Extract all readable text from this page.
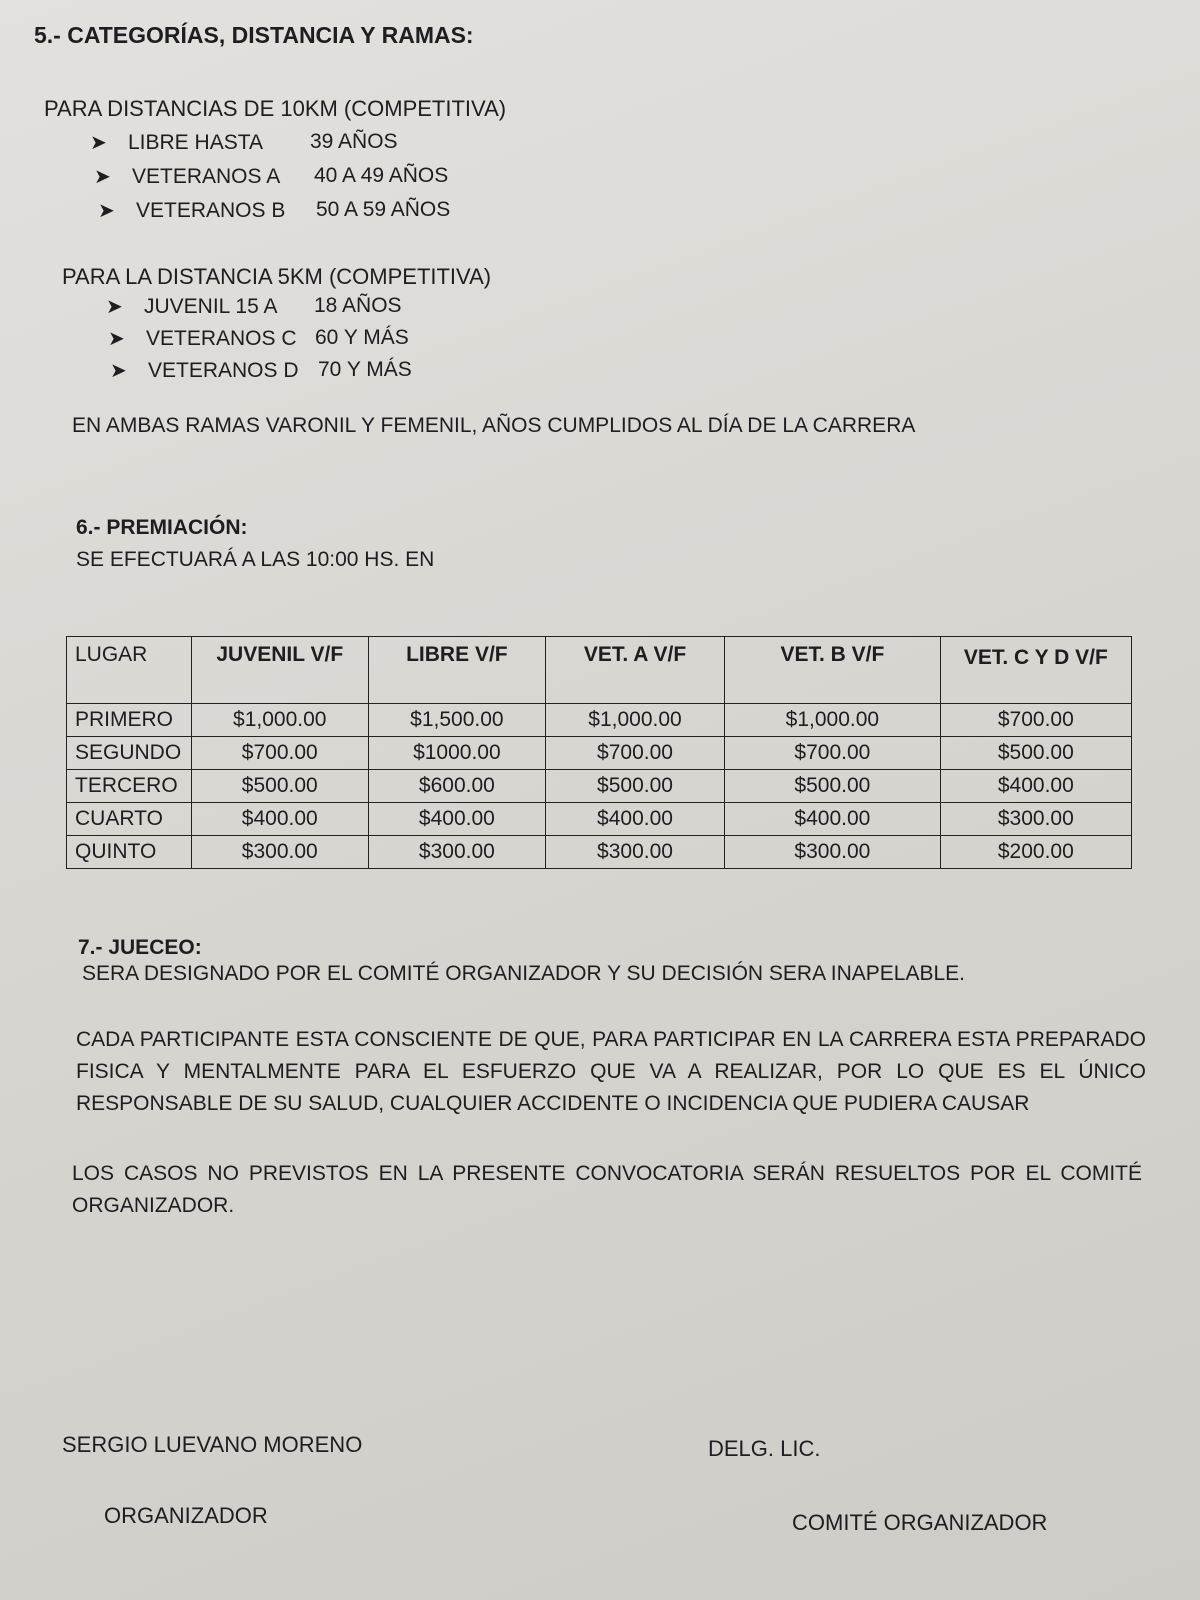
5.- CATEGORÍAS, DISTANCIA Y RAMAS:
PARA DISTANCIAS DE 10KM (COMPETITIVA)
➤	LIBRE HASTA 39 AÑOS
➤	VETERANOS A 40 A 49 AÑOS
➤	VETERANOS B 50 A 59 AÑOS
PARA LA DISTANCIA 5KM (COMPETITIVA)
➤	JUVENIL 15 A 18 AÑOS
➤	VETERANOS C 60 Y MÁS
➤	VETERANOS D 70 Y MÁS
EN AMBAS RAMAS VARONIL Y FEMENIL, AÑOS CUMPLIDOS AL DÍA DE LA CARRERA
6.- PREMIACIÓN:
SE EFECTUARÁ A LAS 10:00 HS. EN
LUGAR	JUVENIL V/F	LIBRE V/F	VET. A V/F	VET. B V/F	VET. C Y D V/F
PRIMERO	$1,000.00	$1,500.00	$1,000.00	$1,000.00	$700.00
SEGUNDO	$700.00	$1000.00	$700.00	$700.00	$500.00
TERCERO	$500.00	$600.00	$500.00	$500.00	$400.00
CUARTO	$400.00	$400.00	$400.00	$400.00	$300.00
QUINTO	$300.00	$300.00	$300.00	$300.00	$200.00
7.- JUECEO:
SERA DESIGNADO POR EL COMITÉ ORGANIZADOR Y SU DECISIÓN SERA INAPELABLE.
CADA PARTICIPANTE ESTA CONSCIENTE DE QUE, PARA PARTICIPAR EN LA CARRERA ESTA PREPARADO FISICA Y MENTALMENTE PARA EL ESFUERZO QUE VA A REALIZAR, POR LO QUE ES EL ÚNICO RESPONSABLE DE SU SALUD, CUALQUIER ACCIDENTE O INCIDENCIA QUE PUDIERA CAUSAR
LOS CASOS NO PREVISTOS EN LA PRESENTE CONVOCATORIA SERÁN RESUELTOS POR EL COMITÉ ORGANIZADOR.
SERGIO LUEVANO MORENO
ORGANIZADOR
DELG. LIC.
COMITÉ ORGANIZADOR
